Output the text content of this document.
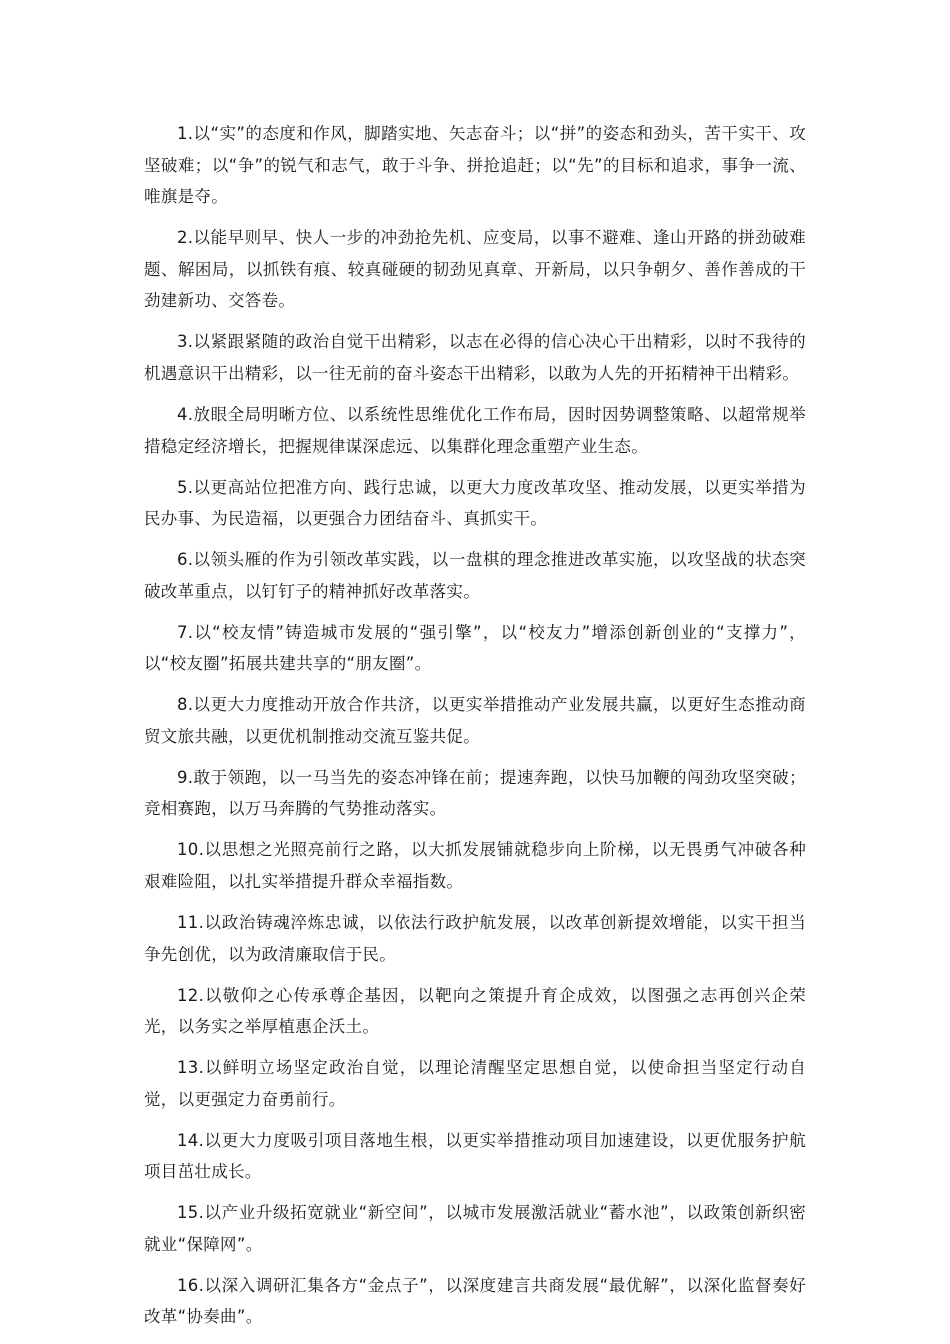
1.以“实”的态度和作风，脚踏实地、矢志奋斗；以“拼”的姿态和劲头，苦干实干、攻坚破难；以“争”的锐气和志气，敢于斗争、拼抢追赶；以“先”的目标和追求，事争一流、唯旗是夺。

2.以能早则早、快人一步的冲劲抢先机、应变局，以事不避难、逢山开路的拼劲破难题、解困局，以抓铁有痕、较真碰硬的韧劲见真章、开新局，以只争朝夕、善作善成的干劲建新功、交答卷。

3.以紧跟紧随的政治自觉干出精彩，以志在必得的信心决心干出精彩，以时不我待的机遇意识干出精彩，以一往无前的奋斗姿态干出精彩，以敢为人先的开拓精神干出精彩。

4.放眼全局明晰方位、以系统性思维优化工作布局，因时因势调整策略、以超常规举措稳定经济增长，把握规律谋深虑远、以集群化理念重塑产业生态。

5.以更高站位把准方向、践行忠诚，以更大力度改革攻坚、推动发展，以更实举措为民办事、为民造福，以更强合力团结奋斗、真抓实干。

6.以领头雁的作为引领改革实践，以一盘棋的理念推进改革实施，以攻坚战的状态突破改革重点，以钉钉子的精神抓好改革落实。

7.以“校友情”铸造城市发展的“强引擎”，以“校友力”增添创新创业的“支撑力”，以“校友圈”拓展共建共享的“朋友圈”。

8.以更大力度推动开放合作共济，以更实举措推动产业发展共赢，以更好生态推动商贸文旅共融，以更优机制推动交流互鉴共促。

9.敢于领跑，以一马当先的姿态冲锋在前；提速奔跑，以快马加鞭的闯劲攻坚突破；竞相赛跑，以万马奔腾的气势推动落实。

10.以思想之光照亮前行之路，以大抓发展铺就稳步向上阶梯，以无畏勇气冲破各种艰难险阻，以扎实举措提升群众幸福指数。

11.以政治铸魂淬炼忠诚，以依法行政护航发展，以改革创新提效增能，以实干担当争先创优，以为政清廉取信于民。

12.以敬仰之心传承尊企基因，以靶向之策提升育企成效，以图强之志再创兴企荣光，以务实之举厚植惠企沃土。

13.以鲜明立场坚定政治自觉，以理论清醒坚定思想自觉，以使命担当坚定行动自觉，以更强定力奋勇前行。

14.以更大力度吸引项目落地生根，以更实举措推动项目加速建设，以更优服务护航项目茁壮成长。

15.以产业升级拓宽就业“新空间”，以城市发展激活就业“蓄水池”，以政策创新织密就业“保障网”。

16.以深入调研汇集各方“金点子”，以深度建言共商发展“最优解”，以深化监督奏好改革“协奏曲”。
